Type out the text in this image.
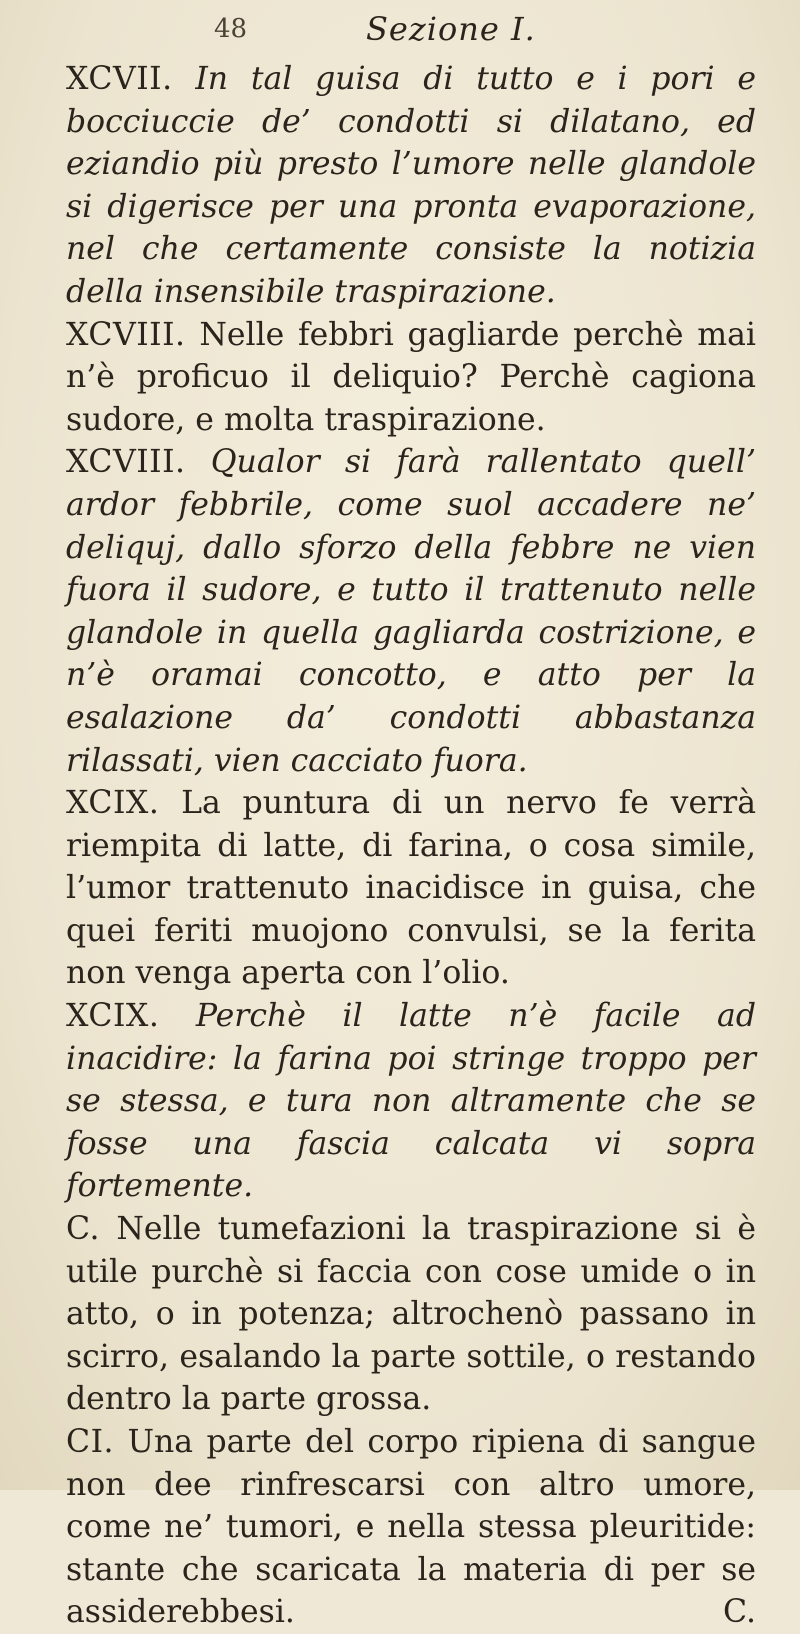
48	Sezione I.

XCVII. In tal guisa di tutto e i pori e bocciuccie de’ condotti si dilatano, ed eziandio più presto l’umore nelle glandole si digerisce per una pronta evaporazione, nel che certamente consiste la notizia della insensibile traspirazione.

XCVIII. Nelle febbri gagliarde perchè mai n’è proficuo il deliquio? Perchè cagiona sudore, e molta traspirazione.

XCVIII. Qualor si farà rallentato quell’ ardor febbrile, come suol accadere ne’ deliquj, dallo sforzo della febbre ne vien fuora il sudore, e tutto il trattenuto nelle glandole in quella gagliarda costrizione, e n’è oramai concotto, e atto per la esalazione da’ condotti abbastanza rilassati, vien cacciato fuora.

XCIX. La puntura di un nervo fe verrà riempita di latte, di farina, o cosa simile, l’umor trattenuto inacidisce in guisa, che quei feriti muojono convulsi, se la ferita non venga aperta con l’olio.

XCIX. Perchè il latte n’è facile ad inacidire: la farina poi stringe troppo per se stessa, e tura non altramente che se fosse una fascia calcata vi sopra fortemente.

C. Nelle tumefazioni la traspirazione si è utile purchè si faccia con cose umide o in atto, o in potenza; altrochenò passano in scirro, esalando la parte sottile, o restando dentro la parte grossa.

CI. Una parte del corpo ripiena di sangue non dee rinfrescarsi con altro umore, come ne’ tumori, e nella stessa pleuritide: stante che scaricata la materia di per se assiderebbesi.	C.
